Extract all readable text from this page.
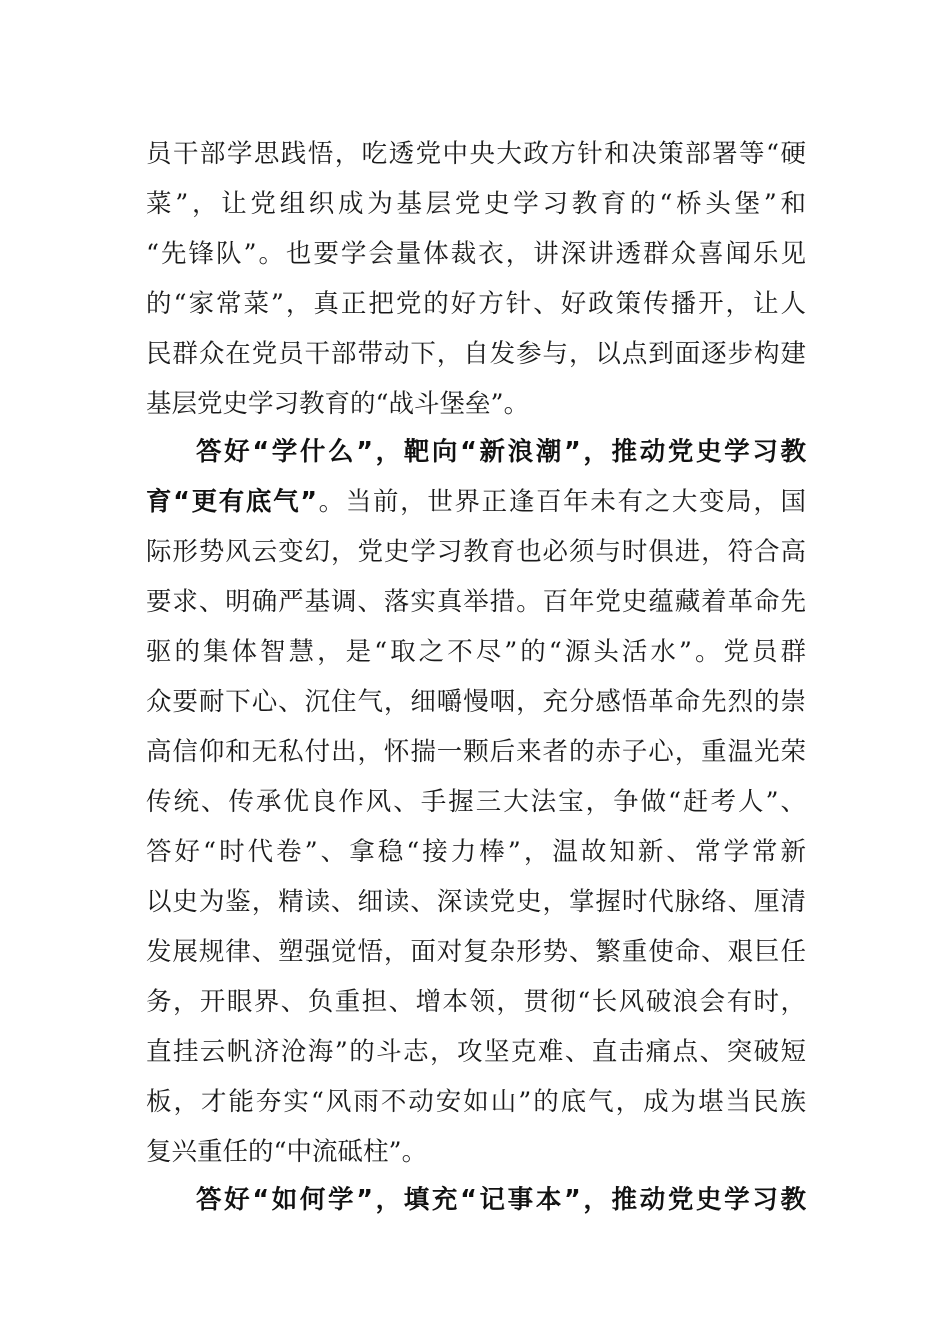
员干部学思践悟，吃透党中央大政方针和决策部署等“硬
菜”，让党组织成为基层党史学习教育的“桥头堡”和
“先锋队”。也要学会量体裁衣，讲深讲透群众喜闻乐见
的“家常菜”，真正把党的好方针、好政策传播开，让人
民群众在党员干部带动下，自发参与，以点到面逐步构建
基层党史学习教育的“战斗堡垒”。
答好“学什么”，靶向“新浪潮”，推动党史学习教
育“更有底气”。当前，世界正逢百年未有之大变局，国
际形势风云变幻，党史学习教育也必须与时俱进，符合高
要求、明确严基调、落实真举措。百年党史蕴藏着革命先
驱的集体智慧，是“取之不尽”的“源头活水”。党员群
众要耐下心、沉住气，细嚼慢咽，充分感悟革命先烈的崇
高信仰和无私付出，怀揣一颗后来者的赤子心，重温光荣
传统、传承优良作风、手握三大法宝，争做“赶考人”、
答好“时代卷”、拿稳“接力棒”，温故知新、常学常新
以史为鉴，精读、细读、深读党史，掌握时代脉络、厘清
发展规律、塑强觉悟，面对复杂形势、繁重使命、艰巨任
务，开眼界、负重担、增本领，贯彻“长风破浪会有时，
直挂云帆济沧海”的斗志，攻坚克难、直击痛点、突破短
板，才能夯实“风雨不动安如山”的底气，成为堪当民族
复兴重任的“中流砥柱”。
答好“如何学”，填充“记事本”，推动党史学习教
